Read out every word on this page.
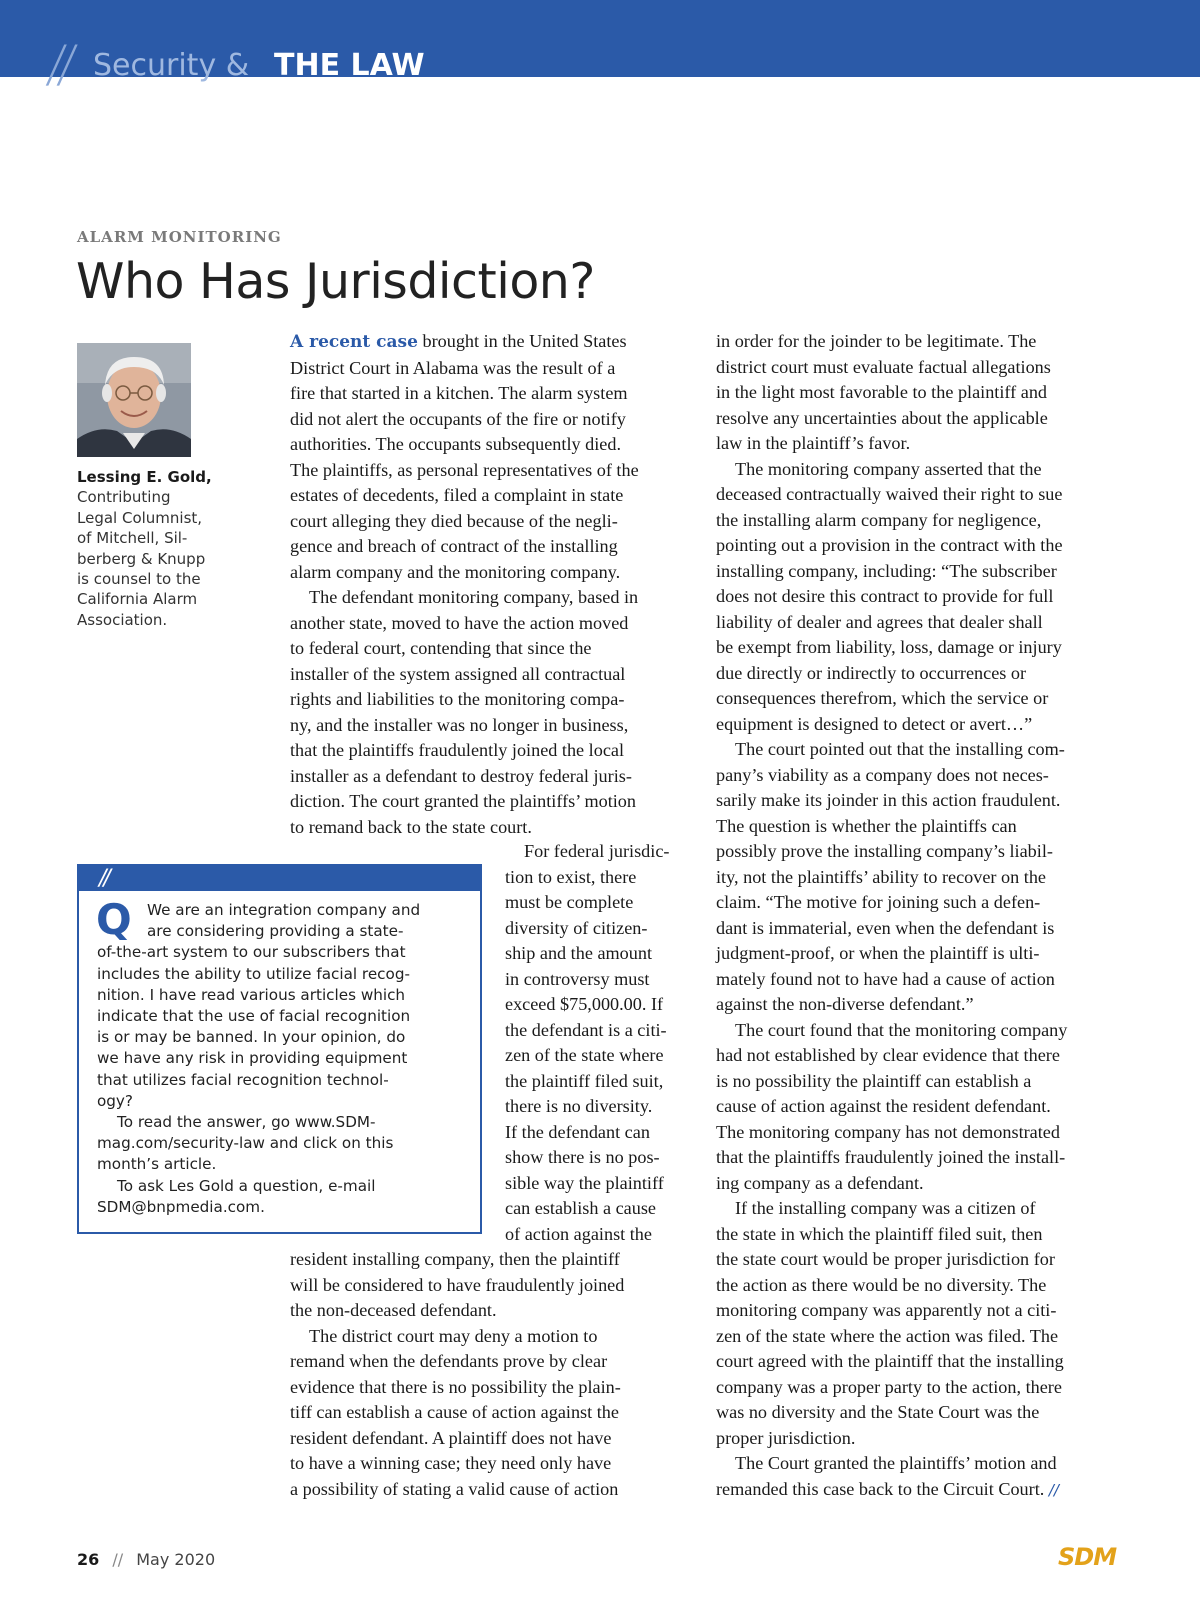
// Security & THE LAW
ALARM MONITORING
Who Has Jurisdiction?
Lessing E. Gold,
Contributing
Legal Columnist,
of Mitchell, Sil-
berberg & Knupp
is counsel to the
California Alarm
Association.

A recent case brought in the United States

District Court in Alabama was the result of a

fire that started in a kitchen. The alarm system

did not alert the occupants of the fire or notify

authorities. The occupants subsequently died.

The plaintiffs, as personal representatives of the

estates of decedents, filed a complaint in state

court alleging they died because of the negli-

gence and breach of contract of the installing

alarm company and the monitoring company.

The defendant monitoring company, based in

another state, moved to have the action moved

to federal court, contending that since the

installer of the system assigned all contractual

rights and liabilities to the monitoring compa-

ny, and the installer was no longer in business,

that the plaintiffs fraudulently joined the local

installer as a defendant to destroy federal juris-

diction. The court granted the plaintiffs’ motion

to remand back to the state court.

For federal jurisdic-

tion to exist, there

must be complete

diversity of citizen-

ship and the amount

in controversy must

exceed $75,000.00. If

the defendant is a citi-

zen of the state where

the plaintiff filed suit,

there is no diversity.

If the defendant can

show there is no pos-

sible way the plaintiff

can establish a cause

of action against the

resident installing company, then the plaintiff

will be considered to have fraudulently joined

the non-deceased defendant.

The district court may deny a motion to

remand when the defendants prove by clear

evidence that there is no possibility the plain-

tiff can establish a cause of action against the

resident defendant. A plaintiff does not have

to have a winning case; they need only have

a possibility of stating a valid cause of action

in order for the joinder to be legitimate. The

district court must evaluate factual allegations

in the light most favorable to the plaintiff and

resolve any uncertainties about the applicable

law in the plaintiff’s favor.

The monitoring company asserted that the

deceased contractually waived their right to sue

the installing alarm company for negligence,

pointing out a provision in the contract with the

installing company, including: “The subscriber

does not desire this contract to provide for full

liability of dealer and agrees that dealer shall

be exempt from liability, loss, damage or injury

due directly or indirectly to occurrences or

consequences therefrom, which the service or

equipment is designed to detect or avert…”

The court pointed out that the installing com-

pany’s viability as a company does not neces-

sarily make its joinder in this action fraudulent.

The question is whether the plaintiffs can

possibly prove the installing company’s liabil-

ity, not the plaintiffs’ ability to recover on the

claim. “The motive for joining such a defen-

dant is immaterial, even when the defendant is

judgment-proof, or when the plaintiff is ulti-

mately found not to have had a cause of action

against the non-diverse defendant.”

The court found that the monitoring company

had not established by clear evidence that there

is no possibility the plaintiff can establish a

cause of action against the resident defendant.

The monitoring company has not demonstrated

that the plaintiffs fraudulently joined the install-

ing company as a defendant.

If the installing company was a citizen of

the state in which the plaintiff filed suit, then

the state court would be proper jurisdiction for

the action as there would be no diversity. The

monitoring company was apparently not a citi-

zen of the state where the action was filed. The

court agreed with the plaintiff that the installing

company was a proper party to the action, there

was no diversity and the State Court was the

proper jurisdiction.

The Court granted the plaintiffs’ motion and

remanded this case back to the Circuit Court. //

//
Q	We are an integration company and

are considering providing a state-

of-the-art system to our subscribers that

includes the ability to utilize facial recog-

nition. I have read various articles which

indicate that the use of facial recognition

is or may be banned. In your opinion, do

we have any risk in providing equipment

that utilizes facial recognition technol-

ogy?

To read the answer, go www.SDM-

mag.com/security-law and click on this

month’s article.

To ask Les Gold a question, e-mail

SDM@bnpmedia.com.

26 // May 2020	SDM
